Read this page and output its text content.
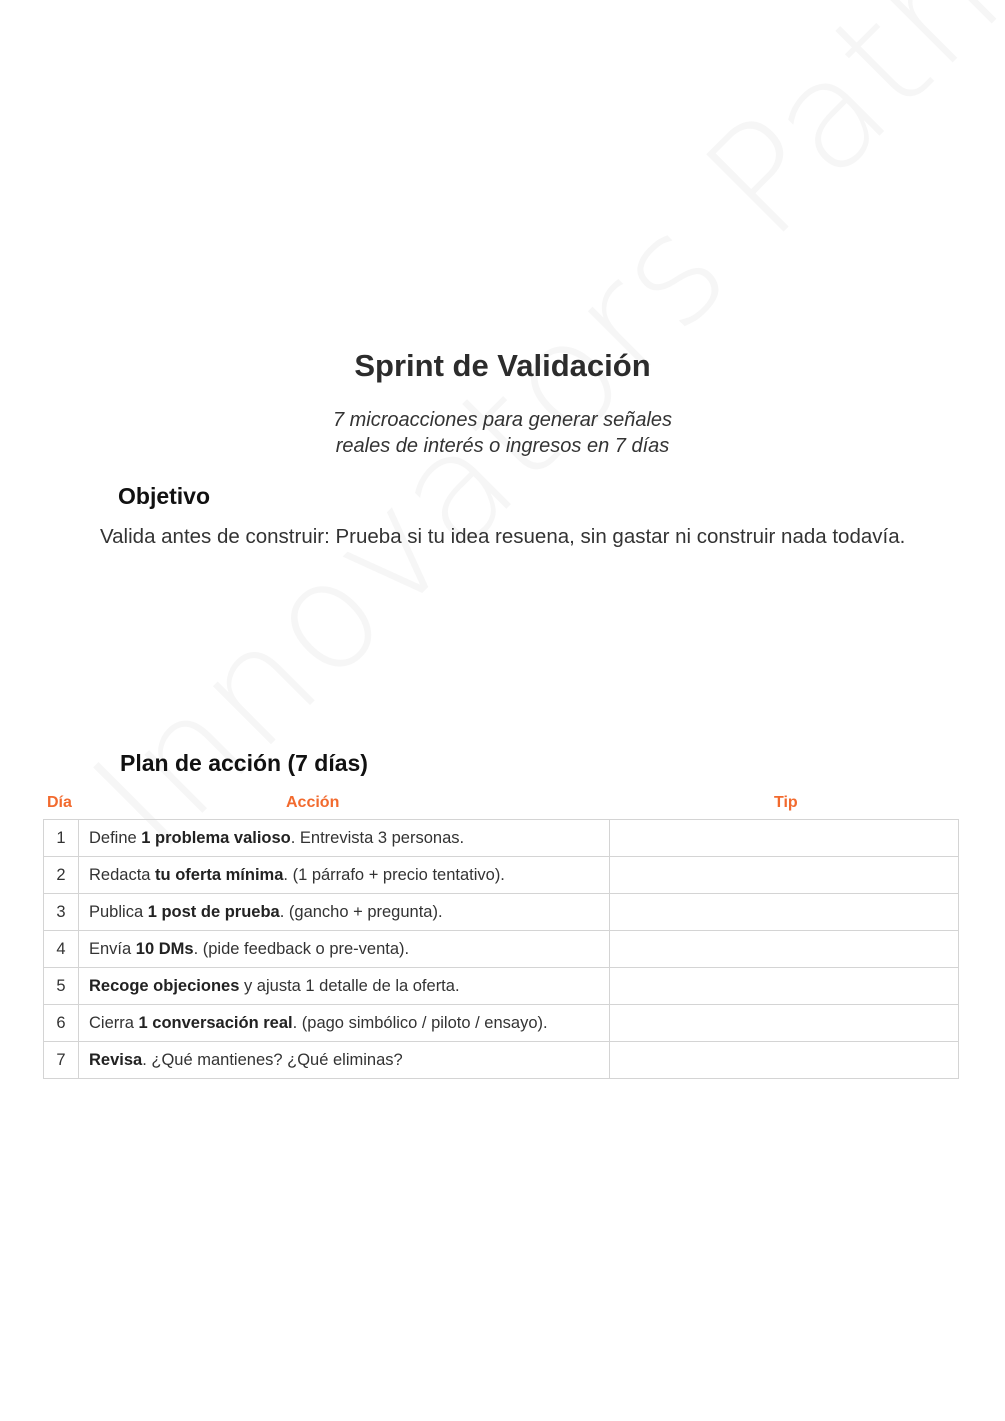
Sprint de Validación
7 microacciones para generar señales
reales de interés o ingresos en 7 días
Objetivo
Valida antes de construir: Prueba si tu idea resuena, sin gastar ni construir nada todavía.
Plan de acción (7 días)
Día	Acción	Tip
1	Define 1 problema valioso. Entrevista 3 personas.	
2	Redacta tu oferta mínima. (1 párrafo + precio tentativo).	
3	Publica 1 post de prueba. (gancho + pregunta).	
4	Envía 10 DMs. (pide feedback o pre-venta).	
5	Recoge objeciones y ajusta 1 detalle de la oferta.	
6	Cierra 1 conversación real. (pago simbólico / piloto / ensayo).	
7	Revisa. ¿Qué mantienes? ¿Qué eliminas?	
